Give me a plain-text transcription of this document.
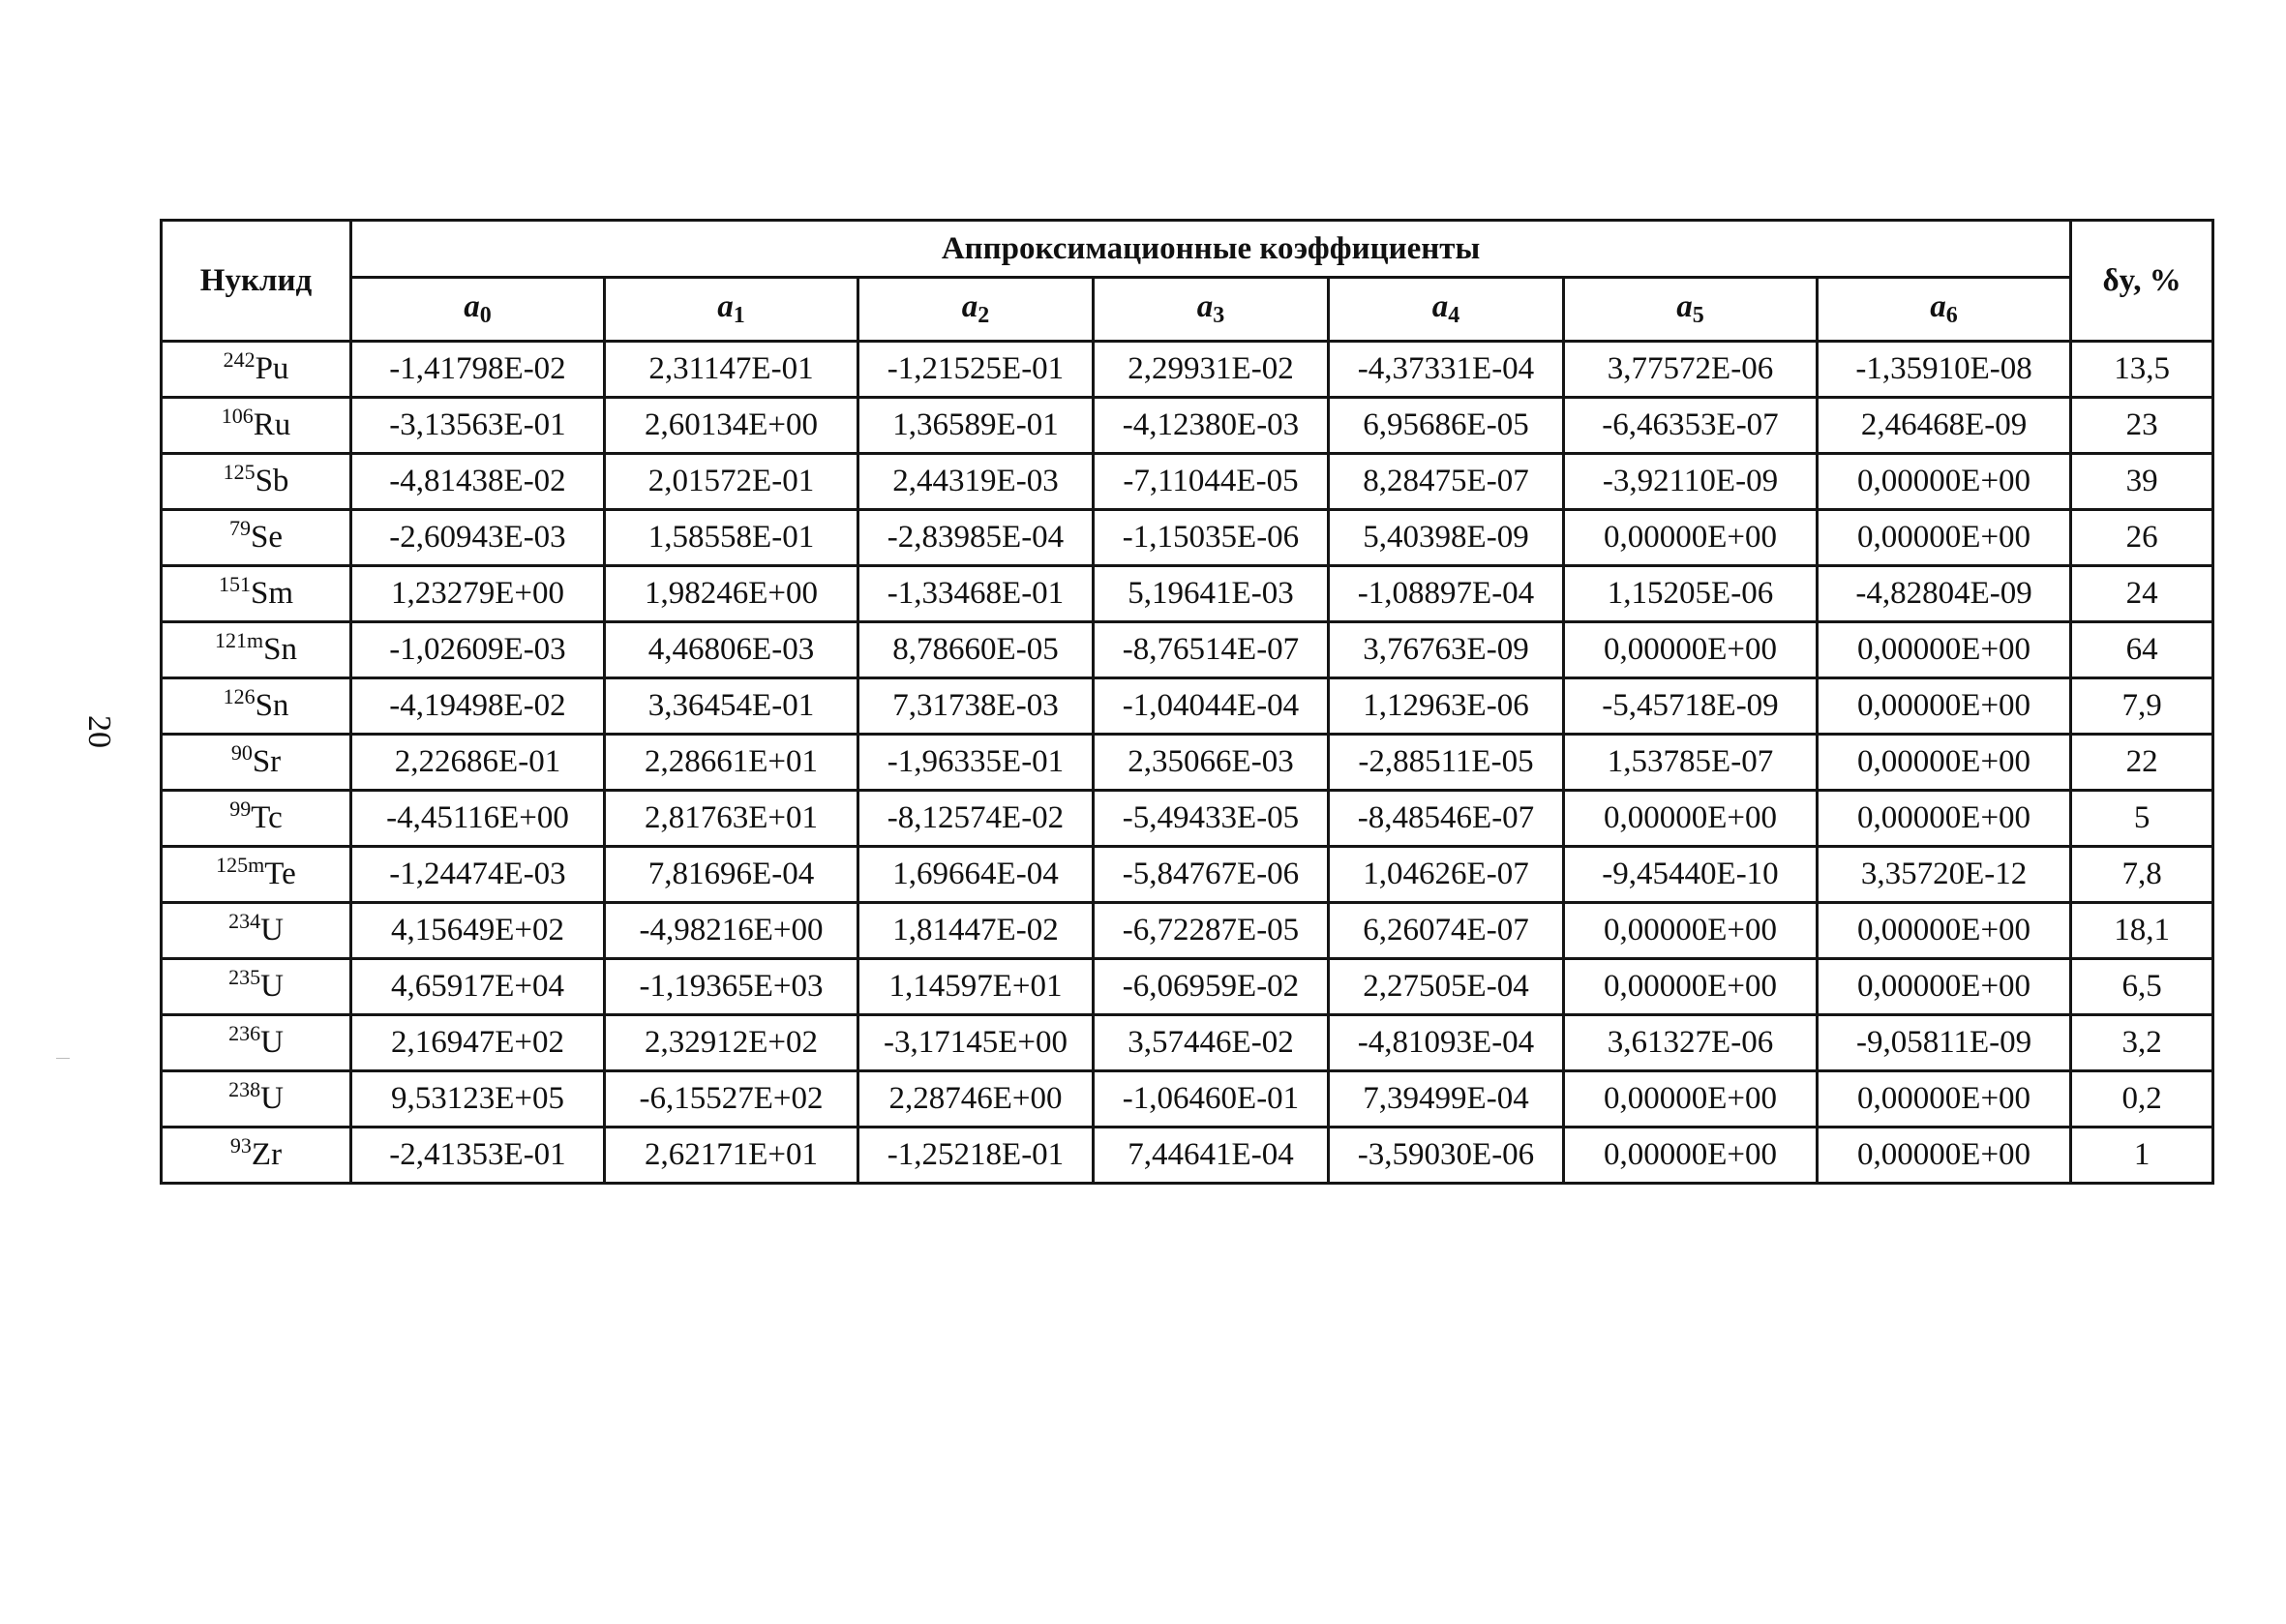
20
Нуклид	Аппроксимационные коэффициенты							δy, %
	$a_0$	$a_1$	$a_2$	$a_3$	$a_4$	$a_5$	$a_6$
$^{242}$Pu	-1,41798E-02	2,31147E-01	-1,21525E-01	2,29931E-02	-4,37331E-04	3,77572E-06	-1,35910E-08	13,5
$^{106}$Ru	-3,13563E-01	2,60134E+00	1,36589E-01	-4,12380E-03	6,95686E-05	-6,46353E-07	2,46468E-09	23
$^{125}$Sb	-4,81438E-02	2,01572E-01	2,44319E-03	-7,11044E-05	8,28475E-07	-3,92110E-09	0,00000E+00	39
$^{79}$Se	-2,60943E-03	1,58558E-01	-2,83985E-04	-1,15035E-06	5,40398E-09	0,00000E+00	0,00000E+00	26
$^{151}$Sm	1,23279E+00	1,98246E+00	-1,33468E-01	5,19641E-03	-1,08897E-04	1,15205E-06	-4,82804E-09	24
$^{121m}$Sn	-1,02609E-03	4,46806E-03	8,78660E-05	-8,76514E-07	3,76763E-09	0,00000E+00	0,00000E+00	64
$^{126}$Sn	-4,19498E-02	3,36454E-01	7,31738E-03	-1,04044E-04	1,12963E-06	-5,45718E-09	0,00000E+00	7,9
$^{90}$Sr	2,22686E-01	2,28661E+01	-1,96335E-01	2,35066E-03	-2,88511E-05	1,53785E-07	0,00000E+00	22
$^{99}$Tc	-4,45116E+00	2,81763E+01	-8,12574E-02	-5,49433E-05	-8,48546E-07	0,00000E+00	0,00000E+00	5
$^{125m}$Te	-1,24474E-03	7,81696E-04	1,69664E-04	-5,84767E-06	1,04626E-07	-9,45440E-10	3,35720E-12	7,8
$^{234}$U	4,15649E+02	-4,98216E+00	1,81447E-02	-6,72287E-05	6,26074E-07	0,00000E+00	0,00000E+00	18,1
$^{235}$U	4,65917E+04	-1,19365E+03	1,14597E+01	-6,06959E-02	2,27505E-04	0,00000E+00	0,00000E+00	6,5
$^{236}$U	2,16947E+02	2,32912E+02	-3,17145E+00	3,57446E-02	-4,81093E-04	3,61327E-06	-9,05811E-09	3,2
$^{238}$U	9,53123E+05	-6,15527E+02	2,28746E+00	-1,06460E-01	7,39499E-04	0,00000E+00	0,00000E+00	0,2
$^{93}$Zr	-2,41353E-01	2,62171E+01	-1,25218E-01	7,44641E-04	-3,59030E-06	0,00000E+00	0,00000E+00	1
